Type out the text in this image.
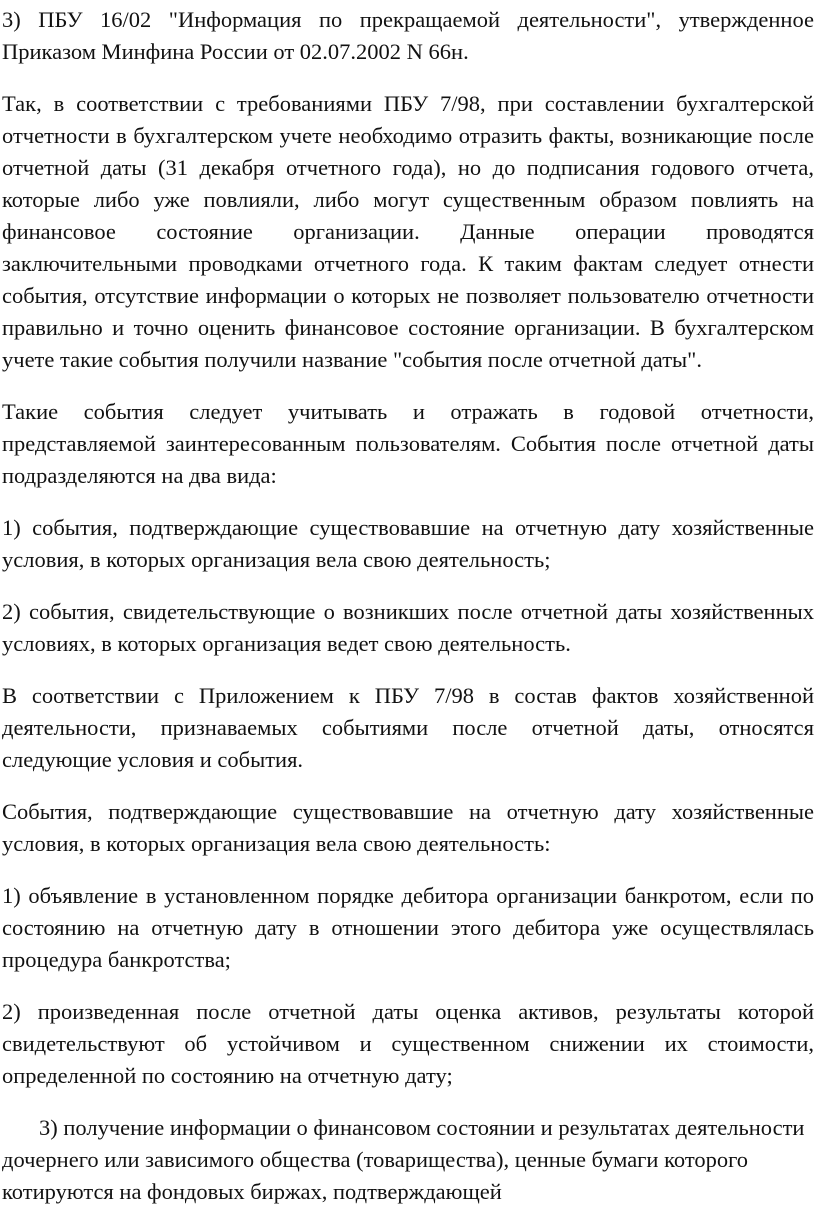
3) ПБУ 16/02 "Информация по прекращаемой деятельности", утвержденное Приказом Минфина России от 02.07.2002 N 66н.

Так, в соответствии с требованиями ПБУ 7/98, при составлении бухгалтерской отчетности в бухгалтерском учете необходимо отразить факты, возникающие после отчетной даты (31 декабря отчетного года), но до подписания годового отчета, которые либо уже повлияли, либо могут существенным образом повлиять на финансовое состояние организации. Данные операции проводятся заключительными проводками отчетного года. К таким фактам следует отнести события, отсутствие информации о которых не позволяет пользователю отчетности правильно и точно оценить финансовое состояние организации. В бухгалтерском учете такие события получили название "события после отчетной даты".

Такие события следует учитывать и отражать в годовой отчетности, представляемой заинтересованным пользователям. События после отчетной даты подразделяются на два вида:

1) события, подтверждающие существовавшие на отчетную дату хозяйственные условия, в которых организация вела свою деятельность;

2) события, свидетельствующие о возникших после отчетной даты хозяйственных условиях, в которых организация ведет свою деятельность.

В соответствии с Приложением к ПБУ 7/98 в состав фактов хозяйственной деятельности, признаваемых событиями после отчетной даты, относятся следующие условия и события.

События, подтверждающие существовавшие на отчетную дату хозяйственные условия, в которых организация вела свою деятельность:

1) объявление в установленном порядке дебитора организации банкротом, если по состоянию на отчетную дату в отношении этого дебитора уже осуществлялась процедура банкротства;

2) произведенная после отчетной даты оценка активов, результаты которой свидетельствуют об устойчивом и существенном снижении их стоимости, определенной по состоянию на отчетную дату;

3) получение информации о финансовом состоянии и результатах деятельности дочернего или зависимого общества (товарищества), ценные бумаги которого котируются на фондовых биржах, подтверждающей
